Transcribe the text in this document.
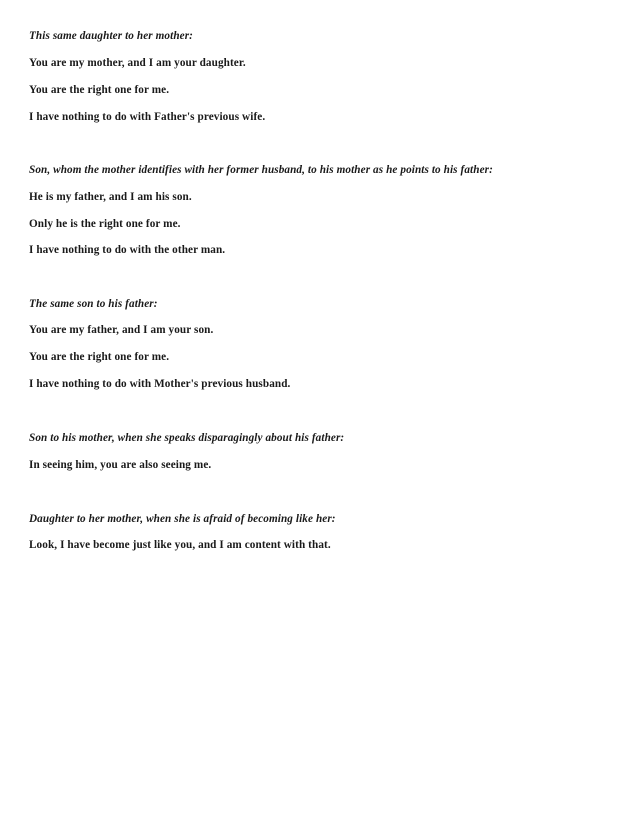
This same daughter to her mother:

You are my mother, and I am your daughter.

You are the right one for me.

I have nothing to do with Father's previous wife.

Son, whom the mother identifies with her former husband, to his mother as he points to his father:

He is my father, and I am his son.

Only he is the right one for me.

I have nothing to do with the other man.

The same son to his father:

You are my father, and I am your son.

You are the right one for me.

I have nothing to do with Mother's previous husband.

Son to his mother, when she speaks disparagingly about his father:

In seeing him, you are also seeing me.

Daughter to her mother, when she is afraid of becoming like her:

Look, I have become just like you, and I am content with that.
